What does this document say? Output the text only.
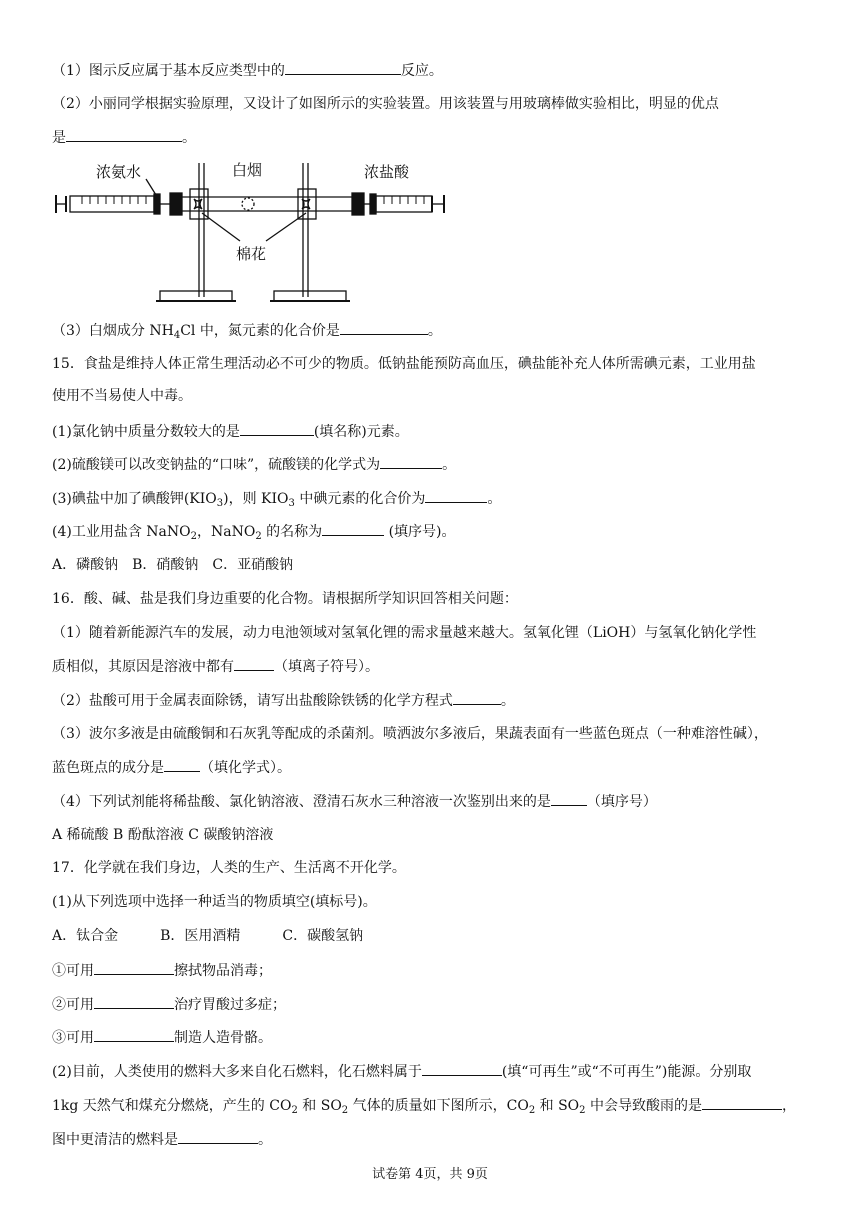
（1）图示反应属于基本反应类型中的	反应。
（2）小丽同学根据实验原理，又设计了如图所示的实验装置。用该装置与用玻璃棒做实验相比，明显的优点
是	。
浓氨水	白烟	浓盐酸
棉花
（3）白烟成分 $NH_4Cl$ 中，氮元素的化合价是	。
15．食盐是维持人体正常生理活动必不可少的物质。低钠盐能预防高血压，碘盐能补充人体所需碘元素，工业用盐
使用不当易使人中毒。
(1)氯化钠中质量分数较大的是	(填名称)元素。
(2)硫酸镁可以改变钠盐的“口味”，硫酸镁的化学式为	。
(3)碘盐中加了碘酸钾$(KIO_3)$，则 $KIO_3$ 中碘元素的化合价为	。
(4)工业用盐含 NaNO$_2$，NaNO$_2$ 的名称为	(填序号)。
A．磷酸钠　B．硝酸钠　C．亚硝酸钠
16．酸、碱、盐是我们身边重要的化合物。请根据所学知识回答相关问题：
（1）随着新能源汽车的发展，动力电池领域对氢氧化锂的需求量越来越大。氢氧化锂（LiOH）与氢氧化钠化学性
质相似，其原因是溶液中都有	（填离子符号）。
（2）盐酸可用于金属表面除锈，请写出盐酸除铁锈的化学方程式	。
（3）波尔多液是由硫酸铜和石灰乳等配成的杀菌剂。喷洒波尔多液后，果蔬表面有一些蓝色斑点（一种难溶性碱），
蓝色斑点的成分是	（填化学式）。
（4）下列试剂能将稀盐酸、氯化钠溶液、澄清石灰水三种溶液一次鉴别出来的是	（填序号）
A 稀硫酸 B 酚酞溶液 C 碳酸钠溶液
17．化学就在我们身边，人类的生产、生活离不开化学。
(1)从下列选项中选择一种适当的物质填空(填标号)。
A．钛合金　　　B．医用酒精　　　C．碳酸氢钠
①可用	擦拭物品消毒；
②可用	治疗胃酸过多症；
③可用	制造人造骨骼。
(2)目前，人类使用的燃料大多来自化石燃料，化石燃料属于	(填“可再生”或“不可再生”)能源。分别取
1kg 天然气和煤充分燃烧，产生的 $CO_2$ 和 $SO_2$ 气体的质量如下图所示，$CO_2$ 和 $SO_2$ 中会导致酸雨的是	，
图中更清洁的燃料是	。
试卷第 4页，共 9页
